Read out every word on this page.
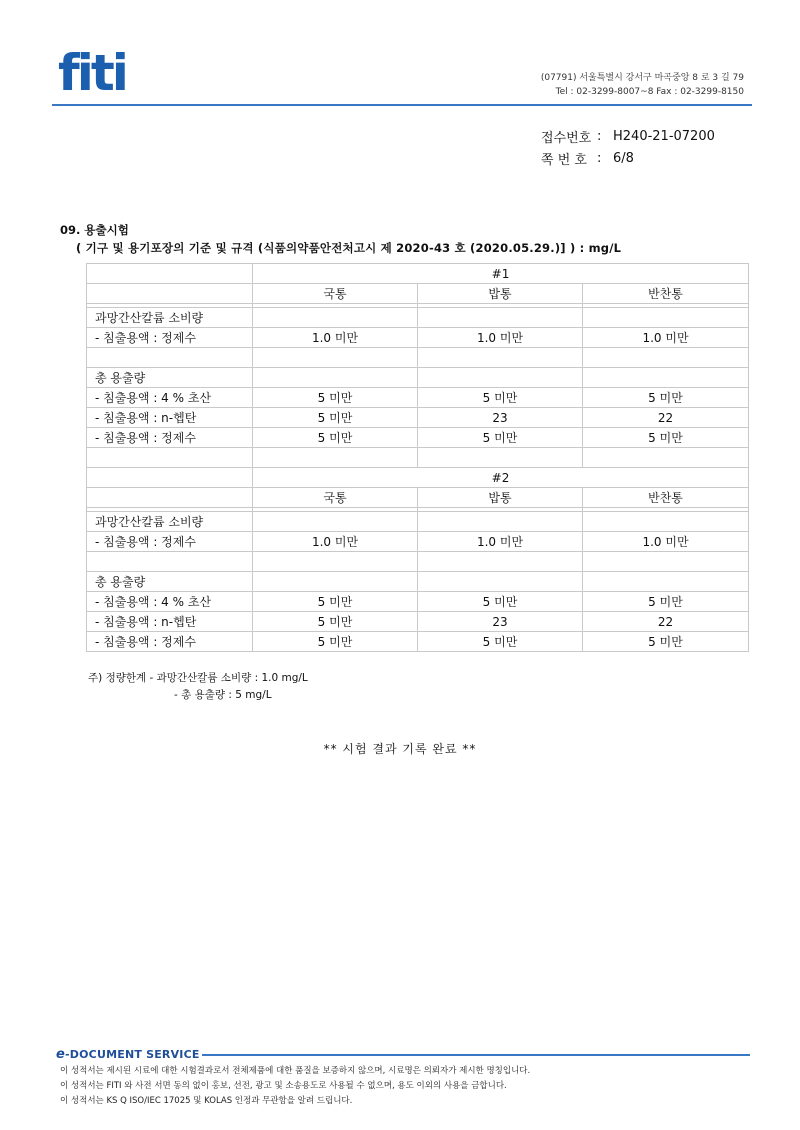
fiti	(07791) 서울특별시 강서구 마곡중앙 8 로 3 길 79
Tel : 02-3299-8007~8 Fax : 02-3299-8150
접수번호 : H240-21-07200
쪽 번 호 : 6/8
09. 용출시험
( 기구 및 용기포장의 기준 및 규격 (식품의약품안전처고시 제 2020-43 호 (2020.05.29.)] ) : mg/L
	#1		
	국통	밥통	반찬통

과망간산칼륨 소비량			
- 침출용액 : 정제수	1.0 미만	1.0 미만	1.0 미만

총 용출량			
- 침출용액 : 4 % 초산	5 미만	5 미만	5 미만
- 침출용액 : n-헵탄	5 미만	23	22
- 침출용액 : 정제수	5 미만	5 미만	5 미만

	#2		
	국통	밥통	반찬통

과망간산칼륨 소비량			
- 침출용액 : 정제수	1.0 미만	1.0 미만	1.0 미만

총 용출량			
- 침출용액 : 4 % 초산	5 미만	5 미만	5 미만
- 침출용액 : n-헵탄	5 미만	23	22
- 침출용액 : 정제수	5 미만	5 미만	5 미만
주) 정량한계 - 과망간산칼륨 소비량 : 1.0 mg/L
- 총 용출량 : 5 mg/L
** 시험 결과 기록 완료 **
e-DOCUMENT SERVICE
이 성적서는 제시된 시료에 대한 시험결과로서 전체제품에 대한 품질을 보증하지 않으며, 시료명은 의뢰자가 제시한 명칭입니다.
이 성적서는 FITI 와 사전 서면 동의 없이 홍보, 선전, 광고 및 소송용도로 사용될 수 없으며, 용도 이외의 사용을 금합니다.
이 성적서는 KS Q ISO/IEC 17025 및 KOLAS 인정과 무관함을 알려 드립니다.
